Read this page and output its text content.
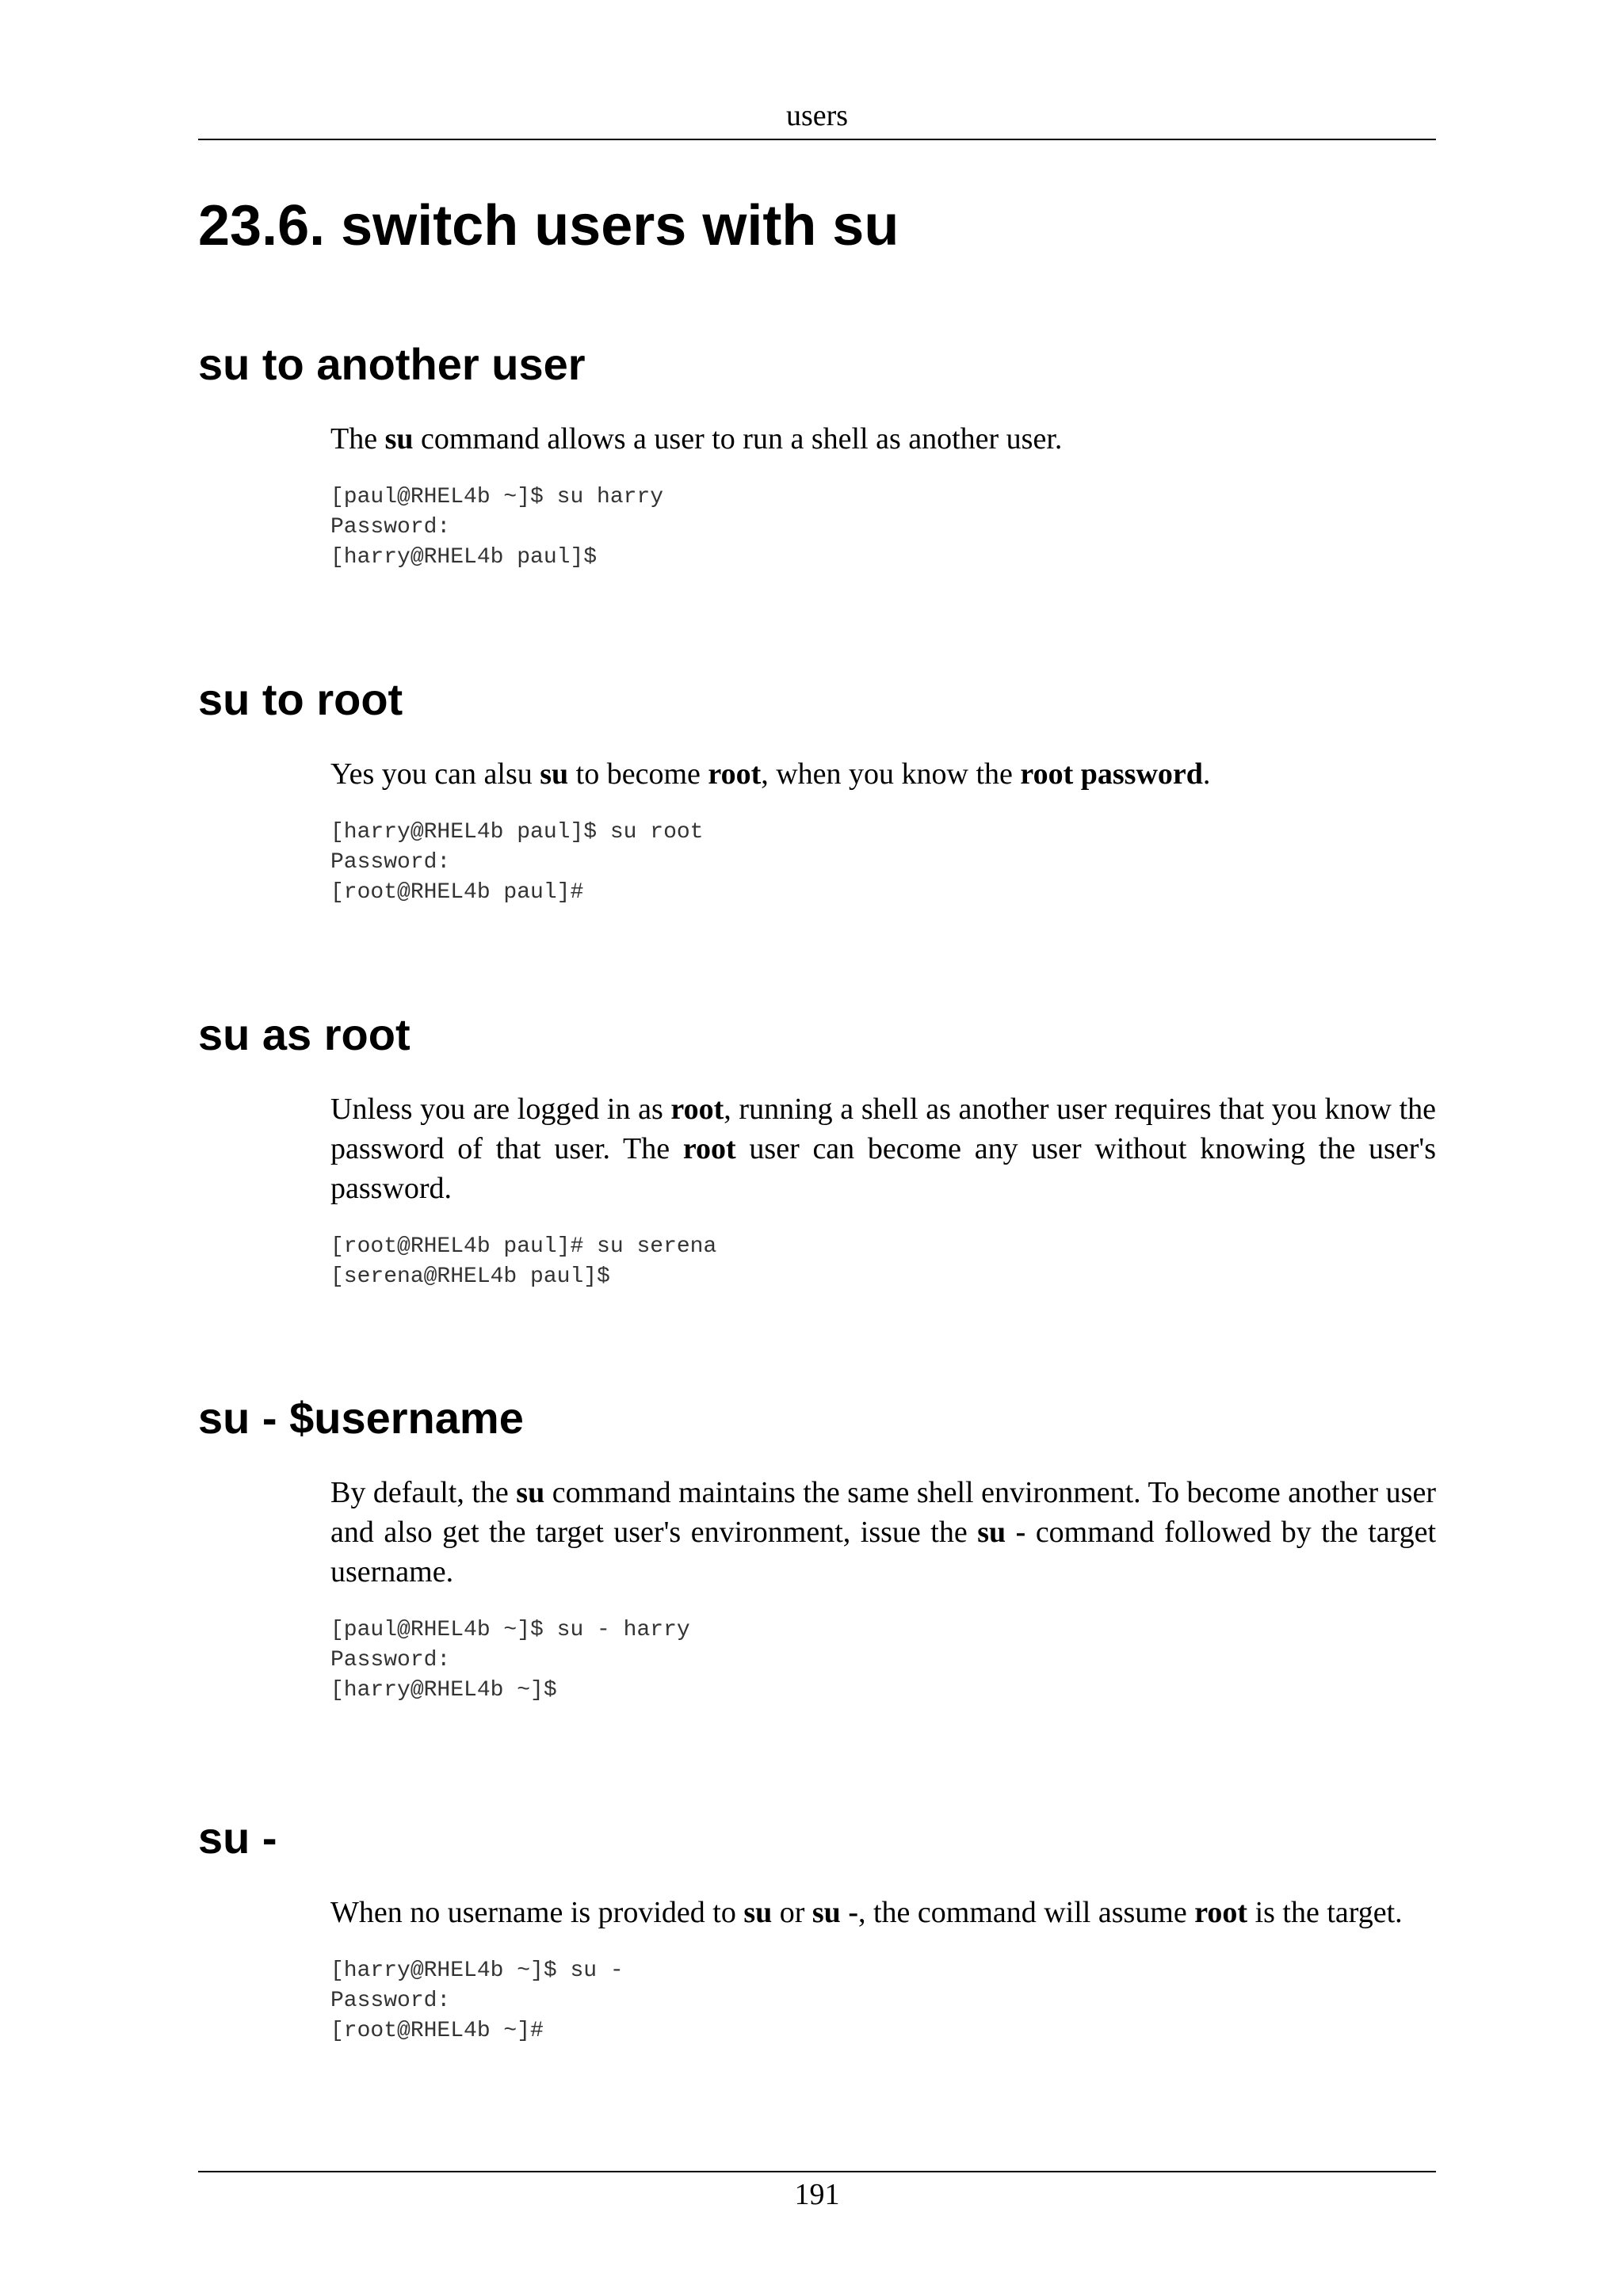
users
23.6. switch users with su
su to another user

The su command allows a user to run a shell as another user.

[paul@RHEL4b ~]$ su harry
Password:
[harry@RHEL4b paul]$
su to root

Yes you can alsu su to become root, when you know the root password.

[harry@RHEL4b paul]$ su root
Password:
[root@RHEL4b paul]#
su as root

Unless you are logged in as root, running a shell as another user requires that you know the password of that user. The root user can become any user without knowing the user's password.

[root@RHEL4b paul]# su serena
[serena@RHEL4b paul]$
su - $username

By default, the su command maintains the same shell environment. To become another user and also get the target user's environment, issue the su - command followed by the target username.

[paul@RHEL4b ~]$ su - harry
Password:
[harry@RHEL4b ~]$
su -

When no username is provided to su or su -, the command will assume root is the target.

[harry@RHEL4b ~]$ su -
Password:
[root@RHEL4b ~]#
191
